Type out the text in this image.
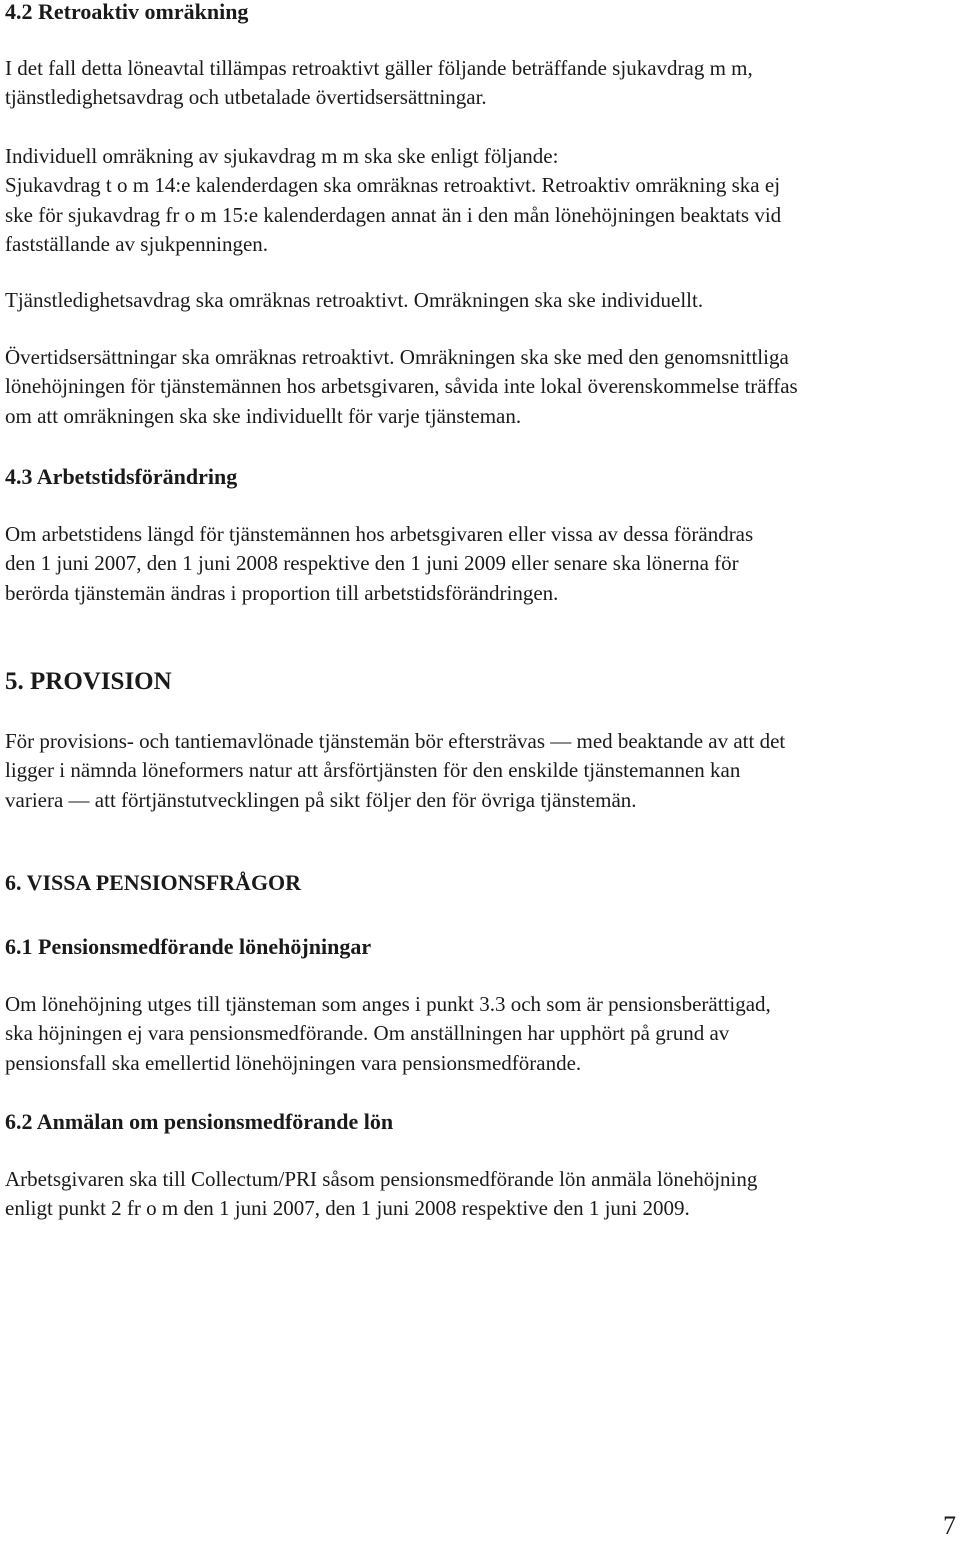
4.2 Retroaktiv omräkning
I det fall detta löneavtal tillämpas retroaktivt gäller följande beträffande sjukavdrag m m,
tjänstledighetsavdrag och utbetalade övertidsersättningar.
Individuell omräkning av sjukavdrag m m ska ske enligt följande:
Sjukavdrag t o m 14:e kalenderdagen ska omräknas retroaktivt. Retroaktiv omräkning ska ej
ske för sjukavdrag fr o m 15:e kalenderdagen annat än i den mån lönehöjningen beaktats vid
fastställande av sjukpenningen.
Tjänstledighetsavdrag ska omräknas retroaktivt. Omräkningen ska ske individuellt.
Övertidsersättningar ska omräknas retroaktivt. Omräkningen ska ske med den genomsnittliga
lönehöjningen för tjänstemännen hos arbetsgivaren, såvida inte lokal överenskommelse träffas
om att omräkningen ska ske individuellt för varje tjänsteman.
4.3 Arbetstidsförändring
Om arbetstidens längd för tjänstemännen hos arbetsgivaren eller vissa av dessa förändras
den 1 juni 2007, den 1 juni 2008 respektive den 1 juni 2009 eller senare ska lönerna för
berörda tjänstemän ändras i proportion till arbetstidsförändringen.
5. PROVISION
För provisions- och tantiemavlönade tjänstemän bör eftersträvas — med beaktande av att det
ligger i nämnda löneformers natur att årsförtjänsten för den enskilde tjänstemannen kan
variera — att förtjänstutvecklingen på sikt följer den för övriga tjänstemän.
6. VISSA PENSIONSFRÅGOR
6.1 Pensionsmedförande lönehöjningar
Om lönehöjning utges till tjänsteman som anges i punkt 3.3 och som är pensionsberättigad,
ska höjningen ej vara pensionsmedförande. Om anställningen har upphört på grund av
pensionsfall ska emellertid lönehöjningen vara pensionsmedförande.
6.2 Anmälan om pensionsmedförande lön
Arbetsgivaren ska till Collectum/PRI såsom pensionsmedförande lön anmäla lönehöjning
enligt punkt 2 fr o m den 1 juni 2007, den 1 juni 2008 respektive den 1 juni 2009.
7
